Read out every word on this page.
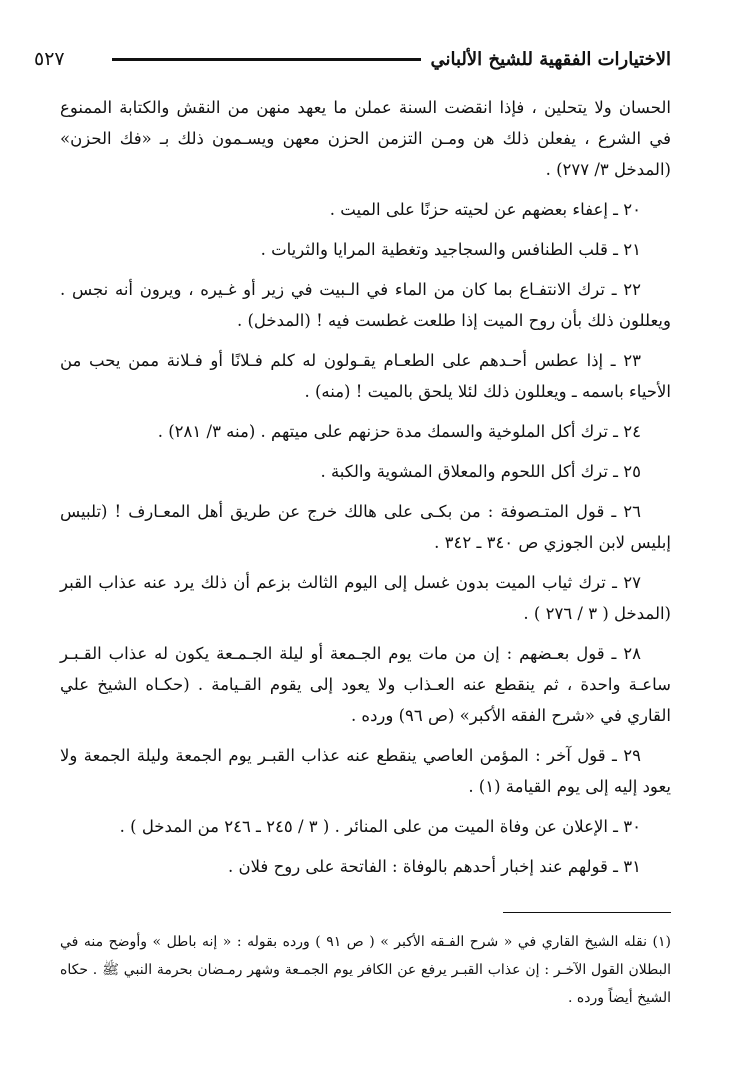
٥٢٧	الاختيارات الفقهية للشيخ الألباني

الحسان ولا يتحلين ، فإذا انقضت السنة عملن ما يعهد منهن من النقش والكتابة الممنوع في الشرع ، يفعلن ذلك هن ومـن التزمن الحزن معهن ويسـمون ذلك بـ «فك الحزن» (المدخل ٣/ ٢٧٧) .

٢٠ ـ إعفاء بعضهم عن لحيته حزنًا على الميت .

٢١ ـ قلب الطنافس والسجاجيد وتغطية المرايا والثريات .

٢٢ ـ ترك الانتفـاع بما كان من الماء في الـبيت في زير أو غـيره ، ويرون أنه نجس . ويعللون ذلك بأن روح الميت إذا طلعت غطست فيه ! (المدخل) .

٢٣ ـ إذا عطس أحـدهم على الطعـام يقـولون له كلم فـلانًا أو فـلانة ممن يحب من الأحياء باسمه ـ ويعللون ذلك لئلا يلحق بالميت ! (منه) .

٢٤ ـ ترك أكل الملوخية والسمك مدة حزنهم على ميتهم . (منه ٣/ ٢٨١) .

٢٥ ـ ترك أكل اللحوم والمعلاق المشوية والكبة .

٢٦ ـ قول المتـصوفة : من بكـى على هالك خرج عن طريق أهل المعـارف ! (تلبيس إبليس لابن الجوزي ص ٣٤٠ ـ ٣٤٢ .

٢٧ ـ ترك ثياب الميت بدون غسل إلى اليوم الثالث بزعم أن ذلك يرد عنه عذاب القبر (المدخل ( ٣ / ٢٧٦ ) .

٢٨ ـ قول بعـضهم : إن من مات يوم الجـمعة أو ليلة الجـمـعة يكون له عذاب القـبـر ساعـة واحدة ، ثم ينقطع عنه العـذاب ولا يعود إلى يقوم القـيامة . (حكـاه الشيخ علي القاري في «شرح الفقه الأكبر» (ص ٩٦) ورده .

٢٩ ـ قول آخر : المؤمن العاصي ينقطع عنه عذاب القبـر يوم الجمعة وليلة الجمعة ولا يعود إليه إلى يوم القيامة (١) .

٣٠ ـ الإعلان عن وفاة الميت من على المنائر . ( ٣ / ٢٤٥ ـ ٢٤٦ من المدخل ) .

٣١ ـ قولهم عند إخبار أحدهم بالوفاة : الفاتحة على روح فلان .

(١) نقله الشيخ القاري في « شرح الفـقه الأكبر » ( ص ٩١ ) ورده بقوله : « إنه باطل » وأوضح منه في البطلان القول الآخـر : إن عذاب القبـر يرفع عن الكافر يوم الجمـعة وشهر رمـضان بحرمة النبي ﷺ . حكاه الشيخ أيضاً ورده .
